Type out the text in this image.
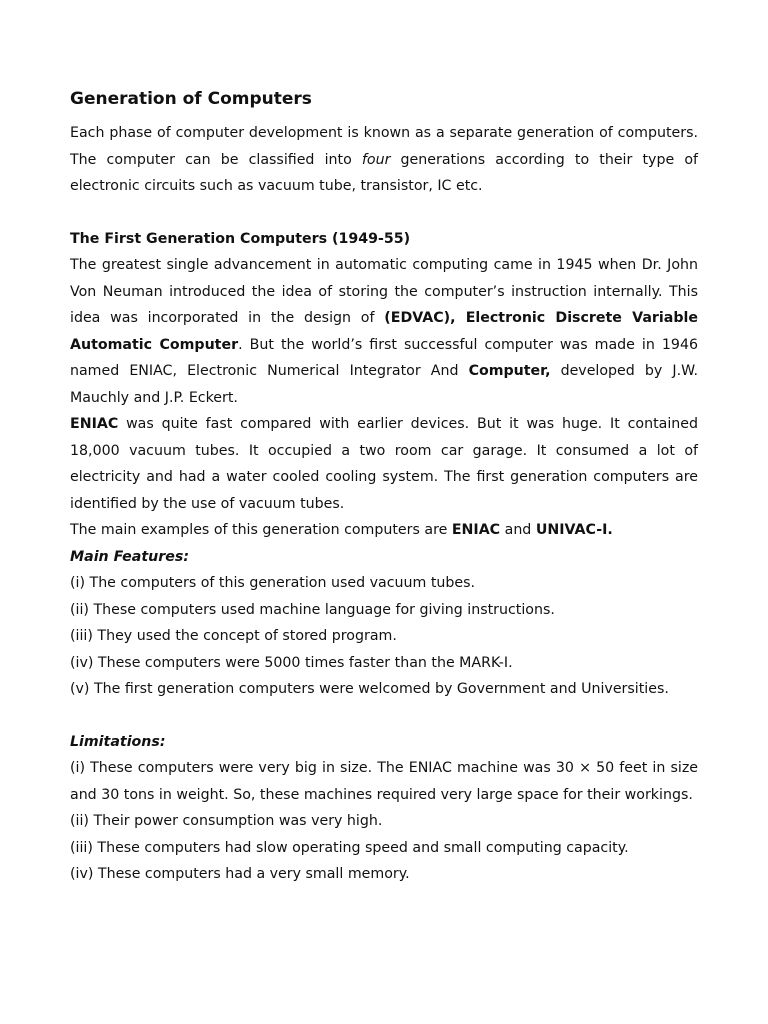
Generation of Computers

Each phase of computer development is known as a separate generation of computers. The computer can be classified into four generations according to their type of electronic circuits such as vacuum tube, transistor, IC etc.

The First Generation Computers (1949-55)

The greatest single advancement in automatic computing came in 1945 when Dr. John Von Neuman introduced the idea of storing the computer’s instruction internally. This idea was incorporated in the design of (EDVAC), Electronic Discrete Variable Automatic Computer. But the world’s first successful computer was made in 1946 named ENIAC, Electronic Numerical Integrator And Computer, developed by J.W. Mauchly and J.P. Eckert.

ENIAC was quite fast compared with earlier devices. But it was huge. It contained 18,000 vacuum tubes. It occupied a two room car garage. It consumed a lot of electricity and had a water cooled cooling system. The first generation computers are identified by the use of vacuum tubes.

The main examples of this generation computers are ENIAC and UNIVAC-I.

Main Features:

(i) The computers of this generation used vacuum tubes.

(ii) These computers used machine language for giving instructions.

(iii) They used the concept of stored program.

(iv) These computers were 5000 times faster than the MARK-I.

(v) The first generation computers were welcomed by Government and Universities.

Limitations:

(i) These computers were very big in size. The ENIAC machine was 30 × 50 feet in size and 30 tons in weight. So, these machines required very large space for their workings.

(ii) Their power consumption was very high.

(iii) These computers had slow operating speed and small computing capacity.

(iv) These computers had a very small memory.
